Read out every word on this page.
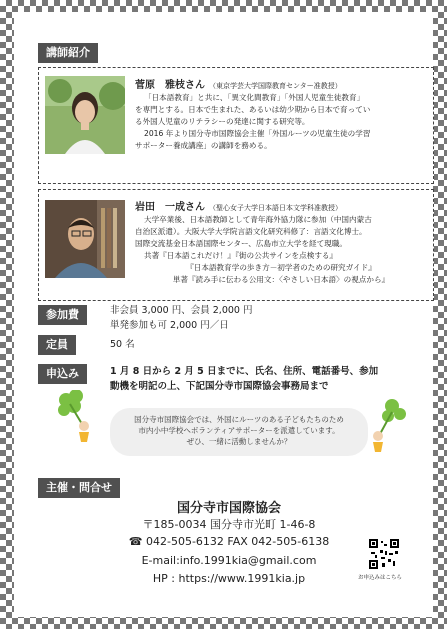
講師紹介
菅原　雅枝さん （東京学芸大学国際教育センター准教授）

「日本語教育」と共に、「異文化間教育」「外国人児童生徒教育」

を専門とする。日本で生まれた、あるいは幼少期から日本で育ってい

る外国人児童のリテラシーの発達に関する研究等。

2016 年より国分寺市国際協会主催「外国ルーツの児童生徒の学習

サポーター養成講座」の講師を務める。

岩田　一成さん （聖心女子大学日本語日本文学科准教授）

大学卒業後、日本語教師として青年海外協力隊に参加（中国内蒙古

自治区派遣）。大阪大学大学院言語文化研究科修了：言語文化博士。

国際交流基金日本語国際センター、広島市立大学を経て現職。

共著『日本語これだけ！』『街の公共サインを点検する』

『日本語教育学の歩き方－初学者のための研究ガイド』

単著『読み手に伝わる公用文：〈やさしい日本語〉の視点から』

参加費	非会員 3,000 円、会員 2,000 円
単発参加も可 2,000 円／日
定員	50 名
申込み	1 月 8 日から 2 月 5 日までに、氏名、住所、電話番号、参加
動機を明記の上、下記国分寺市国際協会事務局まで
国分寺市国際協会では、外国にルーツのある子どもたちのため
市内小中学校へボランティアサポーターを派遣しています。
ぜひ、一緒に活動しませんか？
主催・問合せ
国分寺市国際協会
〒185-0034 国分寺市光町 1-46-8
☎ 042-505-6132 FAX 042-505-6138
E-mail:info.1991kia@gmail.com
HP : https://www.1991kia.jp	お申込みはこちら
